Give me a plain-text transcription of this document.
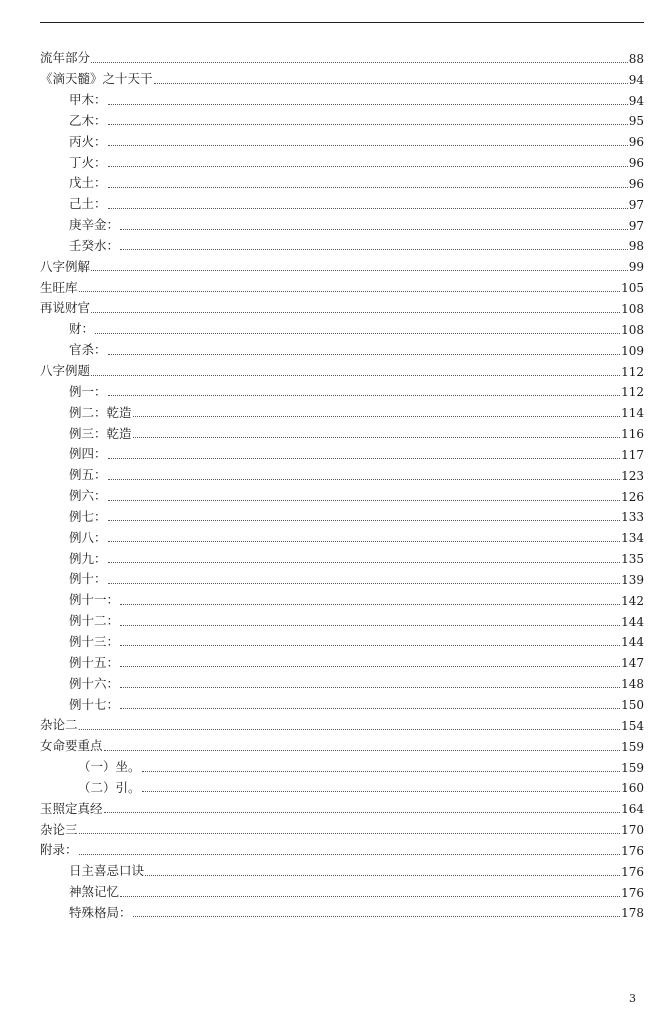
流年部分	88
《滴天髓》之十天干	94
甲木：	94
乙木：	95
丙火：	96
丁火：	96
戊土：	96
己土：	97
庚辛金：	97
壬癸水：	98
八字例解	99
生旺库	105
再说财官	108
财：	108
官杀：	109
八字例题	112
例一：	112
例二：乾造	114
例三：乾造	116
例四：	117
例五：	123
例六：	126
例七：	133
例八：	134
例九：	135
例十：	139
例十一：	142
例十二：	144
例十三：	144
例十五：	147
例十六：	148
例十七：	150
杂论二	154
女命要重点	159
（一）坐。	159
（二）引。	160
玉照定真经	164
杂论三	170
附录：	176
日主喜忌口诀	176
神煞记忆	176
特殊格局：	178
3
